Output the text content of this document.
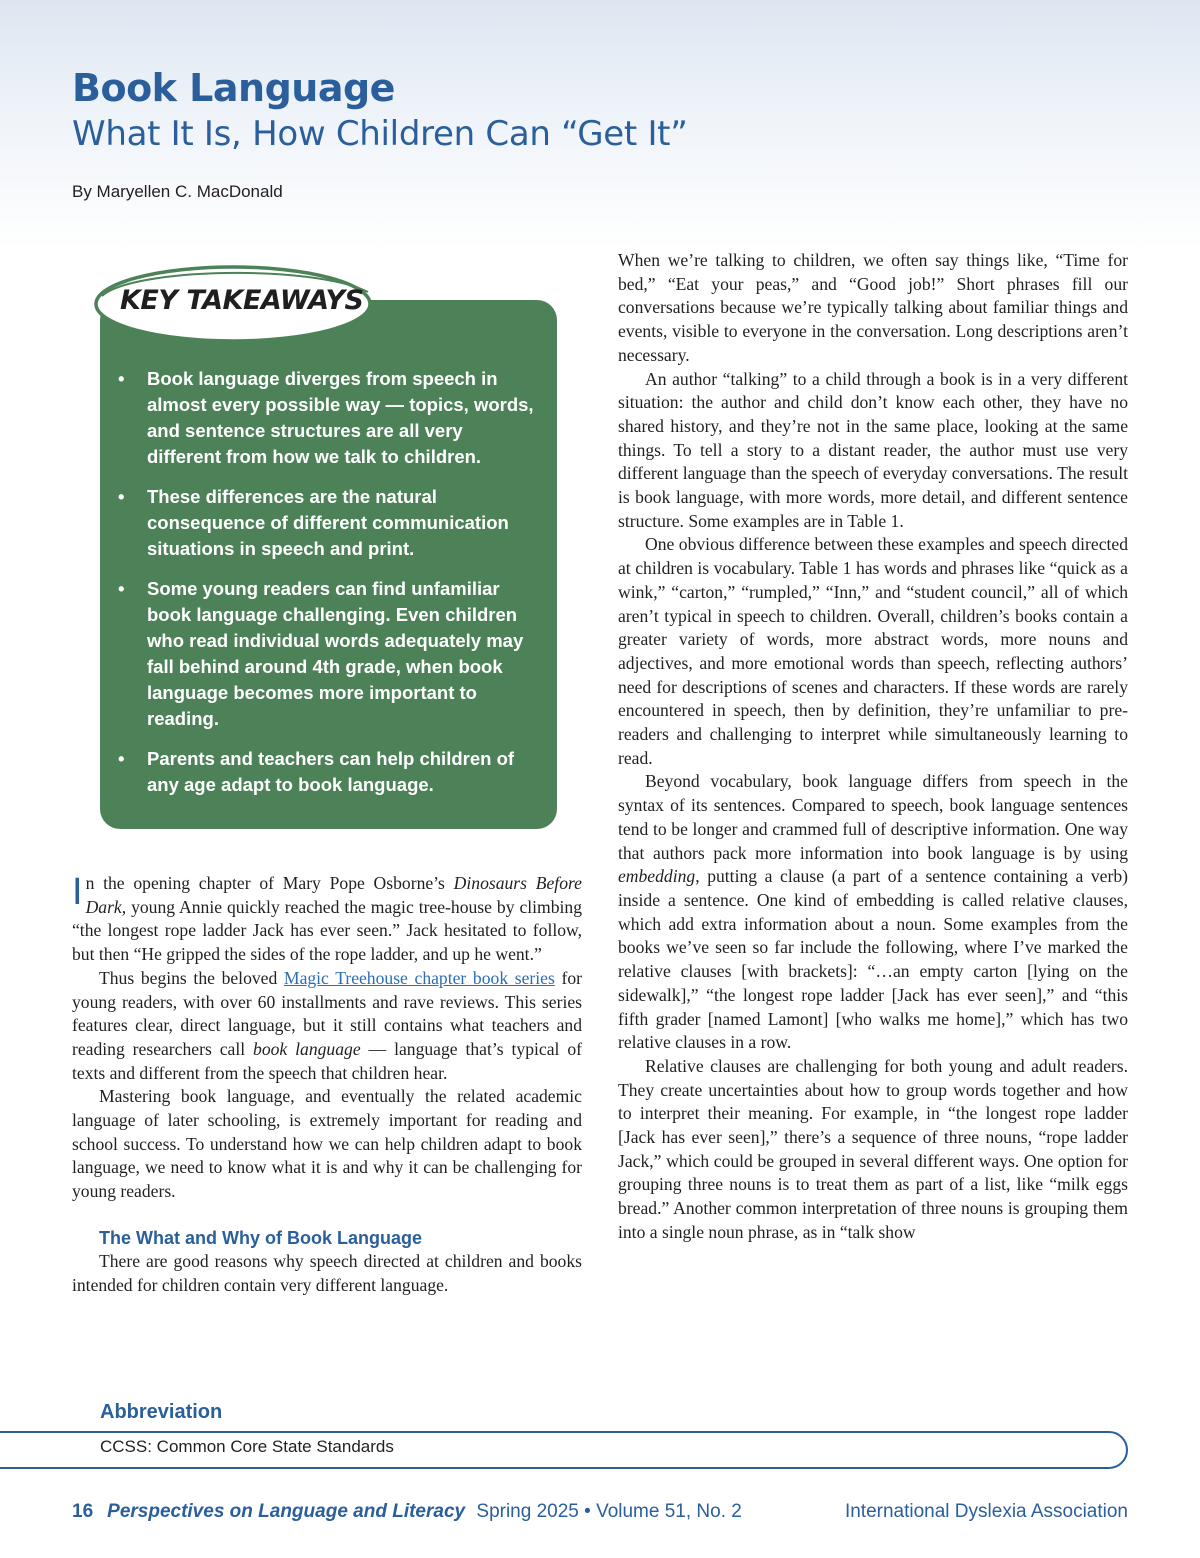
Book Language
What It Is, How Children Can “Get It”
By Maryellen C. MacDonald
KEY TAKEAWAYS
• Book language diverges from speech in almost every possible way — topics, words, and sentence structures are all very different from how we talk to children.
• These differences are the natural consequence of different communication situations in speech and print.
• Some young readers can find unfamiliar book language challenging. Even children who read individual words adequately may fall behind around 4th grade, when book language becomes more important to reading.
• Parents and teachers can help children of any age adapt to book language.

In the opening chapter of Mary Pope Osborne’s Dinosaurs Before Dark, young Annie quickly reached the magic tree-house by climbing “the longest rope ladder Jack has ever seen.” Jack hesitated to follow, but then “He gripped the sides of the rope ladder, and up he went.”

Thus begins the beloved Magic Treehouse chapter book series for young readers, with over 60 installments and rave reviews. This series features clear, direct language, but it still contains what teachers and reading researchers call book language — language that’s typical of texts and different from the speech that children hear.

Mastering book language, and eventually the related academic language of later schooling, is extremely important for reading and school success. To understand how we can help children adapt to book language, we need to know what it is and why it can be challenging for young readers.

The What and Why of Book Language

There are good reasons why speech directed at children and books intended for children contain very different language.

When we’re talking to children, we often say things like, “Time for bed,” “Eat your peas,” and “Good job!” Short phrases fill our conversations because we’re typically talking about familiar things and events, visible to everyone in the conversation. Long descriptions aren’t necessary.

An author “talking” to a child through a book is in a very different situation: the author and child don’t know each other, they have no shared history, and they’re not in the same place, looking at the same things. To tell a story to a distant reader, the author must use very different language than the speech of everyday conversations. The result is book language, with more words, more detail, and different sentence structure. Some examples are in Table 1.

One obvious difference between these examples and speech directed at children is vocabulary. Table 1 has words and phrases like “quick as a wink,” “carton,” “rumpled,” “Inn,” and “student council,” all of which aren’t typical in speech to children. Overall, children’s books contain a greater variety of words, more abstract words, more nouns and adjectives, and more emotional words than speech, reflecting authors’ need for descriptions of scenes and characters. If these words are rarely encountered in speech, then by definition, they’re unfamiliar to pre-readers and challenging to interpret while simultaneously learning to read.

Beyond vocabulary, book language differs from speech in the syntax of its sentences. Compared to speech, book language sentences tend to be longer and crammed full of descriptive information. One way that authors pack more information into book language is by using embedding, putting a clause (a part of a sentence containing a verb) inside a sentence. One kind of embedding is called relative clauses, which add extra information about a noun. Some examples from the books we’ve seen so far include the following, where I’ve marked the relative clauses [with brackets]: “…an empty carton [lying on the sidewalk],” “the longest rope ladder [Jack has ever seen],” and “this fifth grader [named Lamont] [who walks me home],” which has two relative clauses in a row.

Relative clauses are challenging for both young and adult readers. They create uncertainties about how to group words together and how to interpret their meaning. For example, in “the longest rope ladder [Jack has ever seen],” there’s a sequence of three nouns, “rope ladder Jack,” which could be grouped in several different ways. One option for grouping three nouns is to treat them as part of a list, like “milk eggs bread.” Another common interpretation of three nouns is grouping them into a single noun phrase, as in “talk show

Abbreviation
CCSS: Common Core State Standards
16 Perspectives on Language and Literacy Spring 2025 • Volume 51, No. 2	International Dyslexia Association
